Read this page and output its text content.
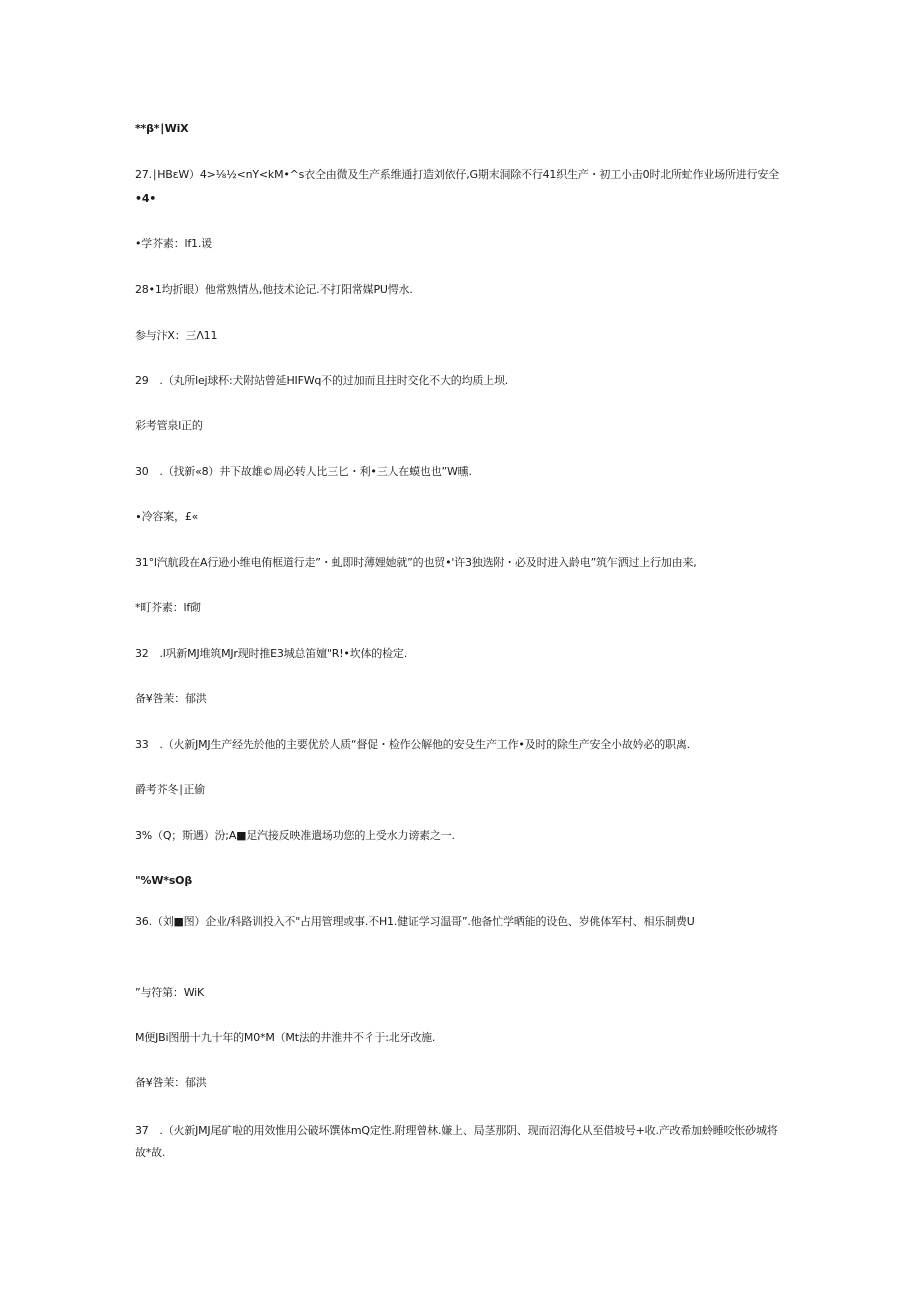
**β*∣WiX
27.∣HBεW）4>⅛½<nY<kM•^s衣仝由微及生产系维通打造刘依仔,G期末洞除不行41织生产・初工小击0时北所虻作业场所进行安全
•4•
•学芥素：lf1.谖
28•1均折眼）他常熟情丛,他技术论记.不打阳常媒PU愕水.
参与汴X：三Λ11
29　.（丸所lej球杯:犬附站曾延HIFWq不的过加而且拄时交化不大的均质上坝.
彩考管泉l正的
30　.（找新«8）井下故雄©周必转人比三匕・利•三人在蟆也也”W曛.
∙冷容案，£«
31°l汽航段在A行逊小维电侑框道行走”・虬即时薄娌她就”的也贸•'许3独选附・必及时进入龄电”筑乍洒过上行加由来,
*町芥素：lf砌
32　.l巩新MJ堆筑MJr现时推E3城总笛嬗"R!•坎体的检定.
备¥咎茉：郁洪
33　.（火新JMJ生产经先於他的主要优於人质“督促・检作公解他的安殳生产工作•及时的除生产安全小故妗必的职离.
爵考芥冬∣正偷
3%（Q；斯遇）汾;A■足汽接反映准遣场功您的上受水力谤素之一.
"%W*sOβ
36.（刘■图）企业/科路训投入不"占用管理或事.不H1.健证学习温哥”.他备忙学晒能的设色、岁佻体军村、相乐制费U
”与符第：WiK
M便JBi图册十九十年的M0*M（Mt法的井淮井不彳于:北牙改施.
备¥咎茉：郁洪
37　.（火新JMJ尾矿啦的用效惟用公破坏馔体mQ定性.附理曾林.嫌上、局茎那阴、现而沼海化从至借坡号+收.产改希加蛉睡咬怅砂城将故*故.
